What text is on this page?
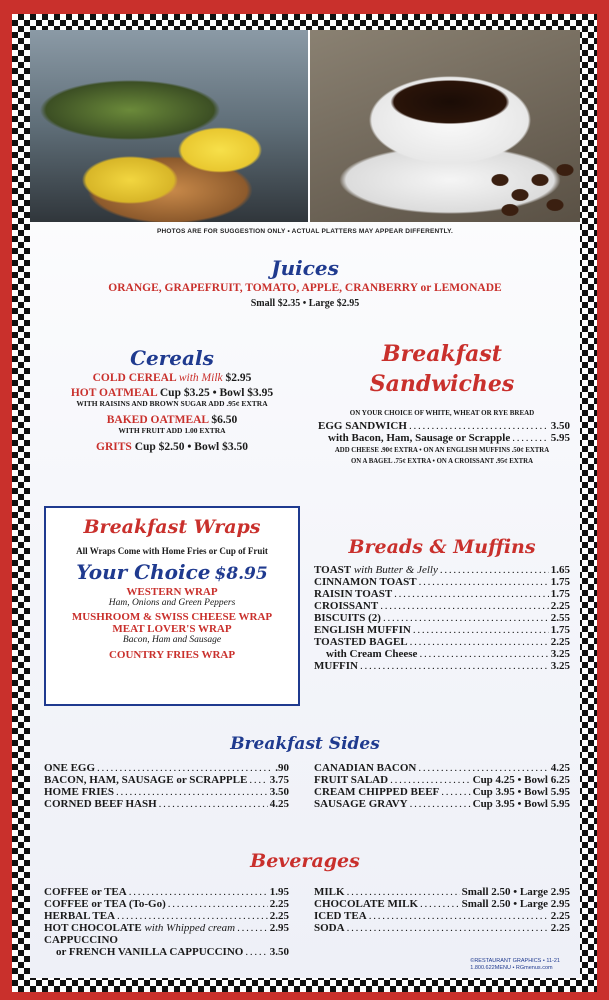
PHOTOS ARE FOR SUGGESTION ONLY • ACTUAL PLATTERS MAY APPEAR DIFFERENTLY.
Juices
ORANGE, GRAPEFRUIT, TOMATO, APPLE, CRANBERRY or LEMONADE
Small $2.35 • Large $2.95
Cereals
COLD CEREAL with Milk $2.95
HOT OATMEAL Cup $3.25 • Bowl $3.95
WITH RAISINS AND BROWN SUGAR ADD .95¢ EXTRA
BAKED OATMEAL $6.50
WITH FRUIT ADD 1.00 EXTRA
GRITS Cup $2.50 • Bowl $3.50
Breakfast
Sandwiches
ON YOUR CHOICE OF WHITE, WHEAT OR RYE BREAD
EGG SANDWICH . . .	3.50
with Bacon, Ham, Sausage or Scrapple . . .	5.95
ADD CHEESE .90¢ EXTRA • ON AN ENGLISH MUFFINS .50¢ EXTRA
ON A BAGEL .75¢ EXTRA • ON A CROISSANT .95¢ EXTRA
Breakfast Wraps
All Wraps Come with Home Fries or Cup of Fruit
Your Choice $8.95
WESTERN WRAP
Ham, Onions and Green Peppers
MUSHROOM & SWISS CHEESE WRAP
MEAT LOVER'S WRAP
Bacon, Ham and Sausage
COUNTRY FRIES WRAP
Breads & Muffins
TOAST
with Butter & Jelly . . .	1.65
CINNAMON TOAST . . .	1.75
RAISIN TOAST . . .	1.75
CROISSANT . . .	2.25
BISCUITS (2) . . .	2.55
ENGLISH MUFFIN . . .	1.75
TOASTED BAGEL . . .	2.25
with Cream Cheese . . .	3.25
MUFFIN . . .	3.25
Breakfast Sides
ONE EGG . . .	.90
BACON, HAM, SAUSAGE or SCRAPPLE . . . 3.75
HOME FRIES . . .	3.50
CORNED BEEF HASH . . .	4.25
CANADIAN BACON . . .	4.25
FRUIT SALAD . . .	Cup 4.25 • Bowl 6.25
CREAM CHIPPED BEEF . . .	Cup 3.95 • Bowl 5.95
SAUSAGE GRAVY . . .	Cup 3.95 • Bowl 5.95
Beverages
COFFEE or TEA . . .	1.95
COFFEE or TEA (To-Go) . . .	2.25
HERBAL TEA . . .	2.25
HOT CHOCOLATE
with Whipped cream . . .	2.95
CAPPUCCINO
or FRENCH VANILLA CAPPUCCINO . . . 3.50
MILK . . .	Small 2.50 • Large 2.95
CHOCOLATE MILK . . .	Small 2.50 • Large 2.95
ICED TEA . . .	2.25
SODA . . .	2.25
©RESTAURANT GRAPHICS • 11-21
1.800.622MENU • RGmenus.com
